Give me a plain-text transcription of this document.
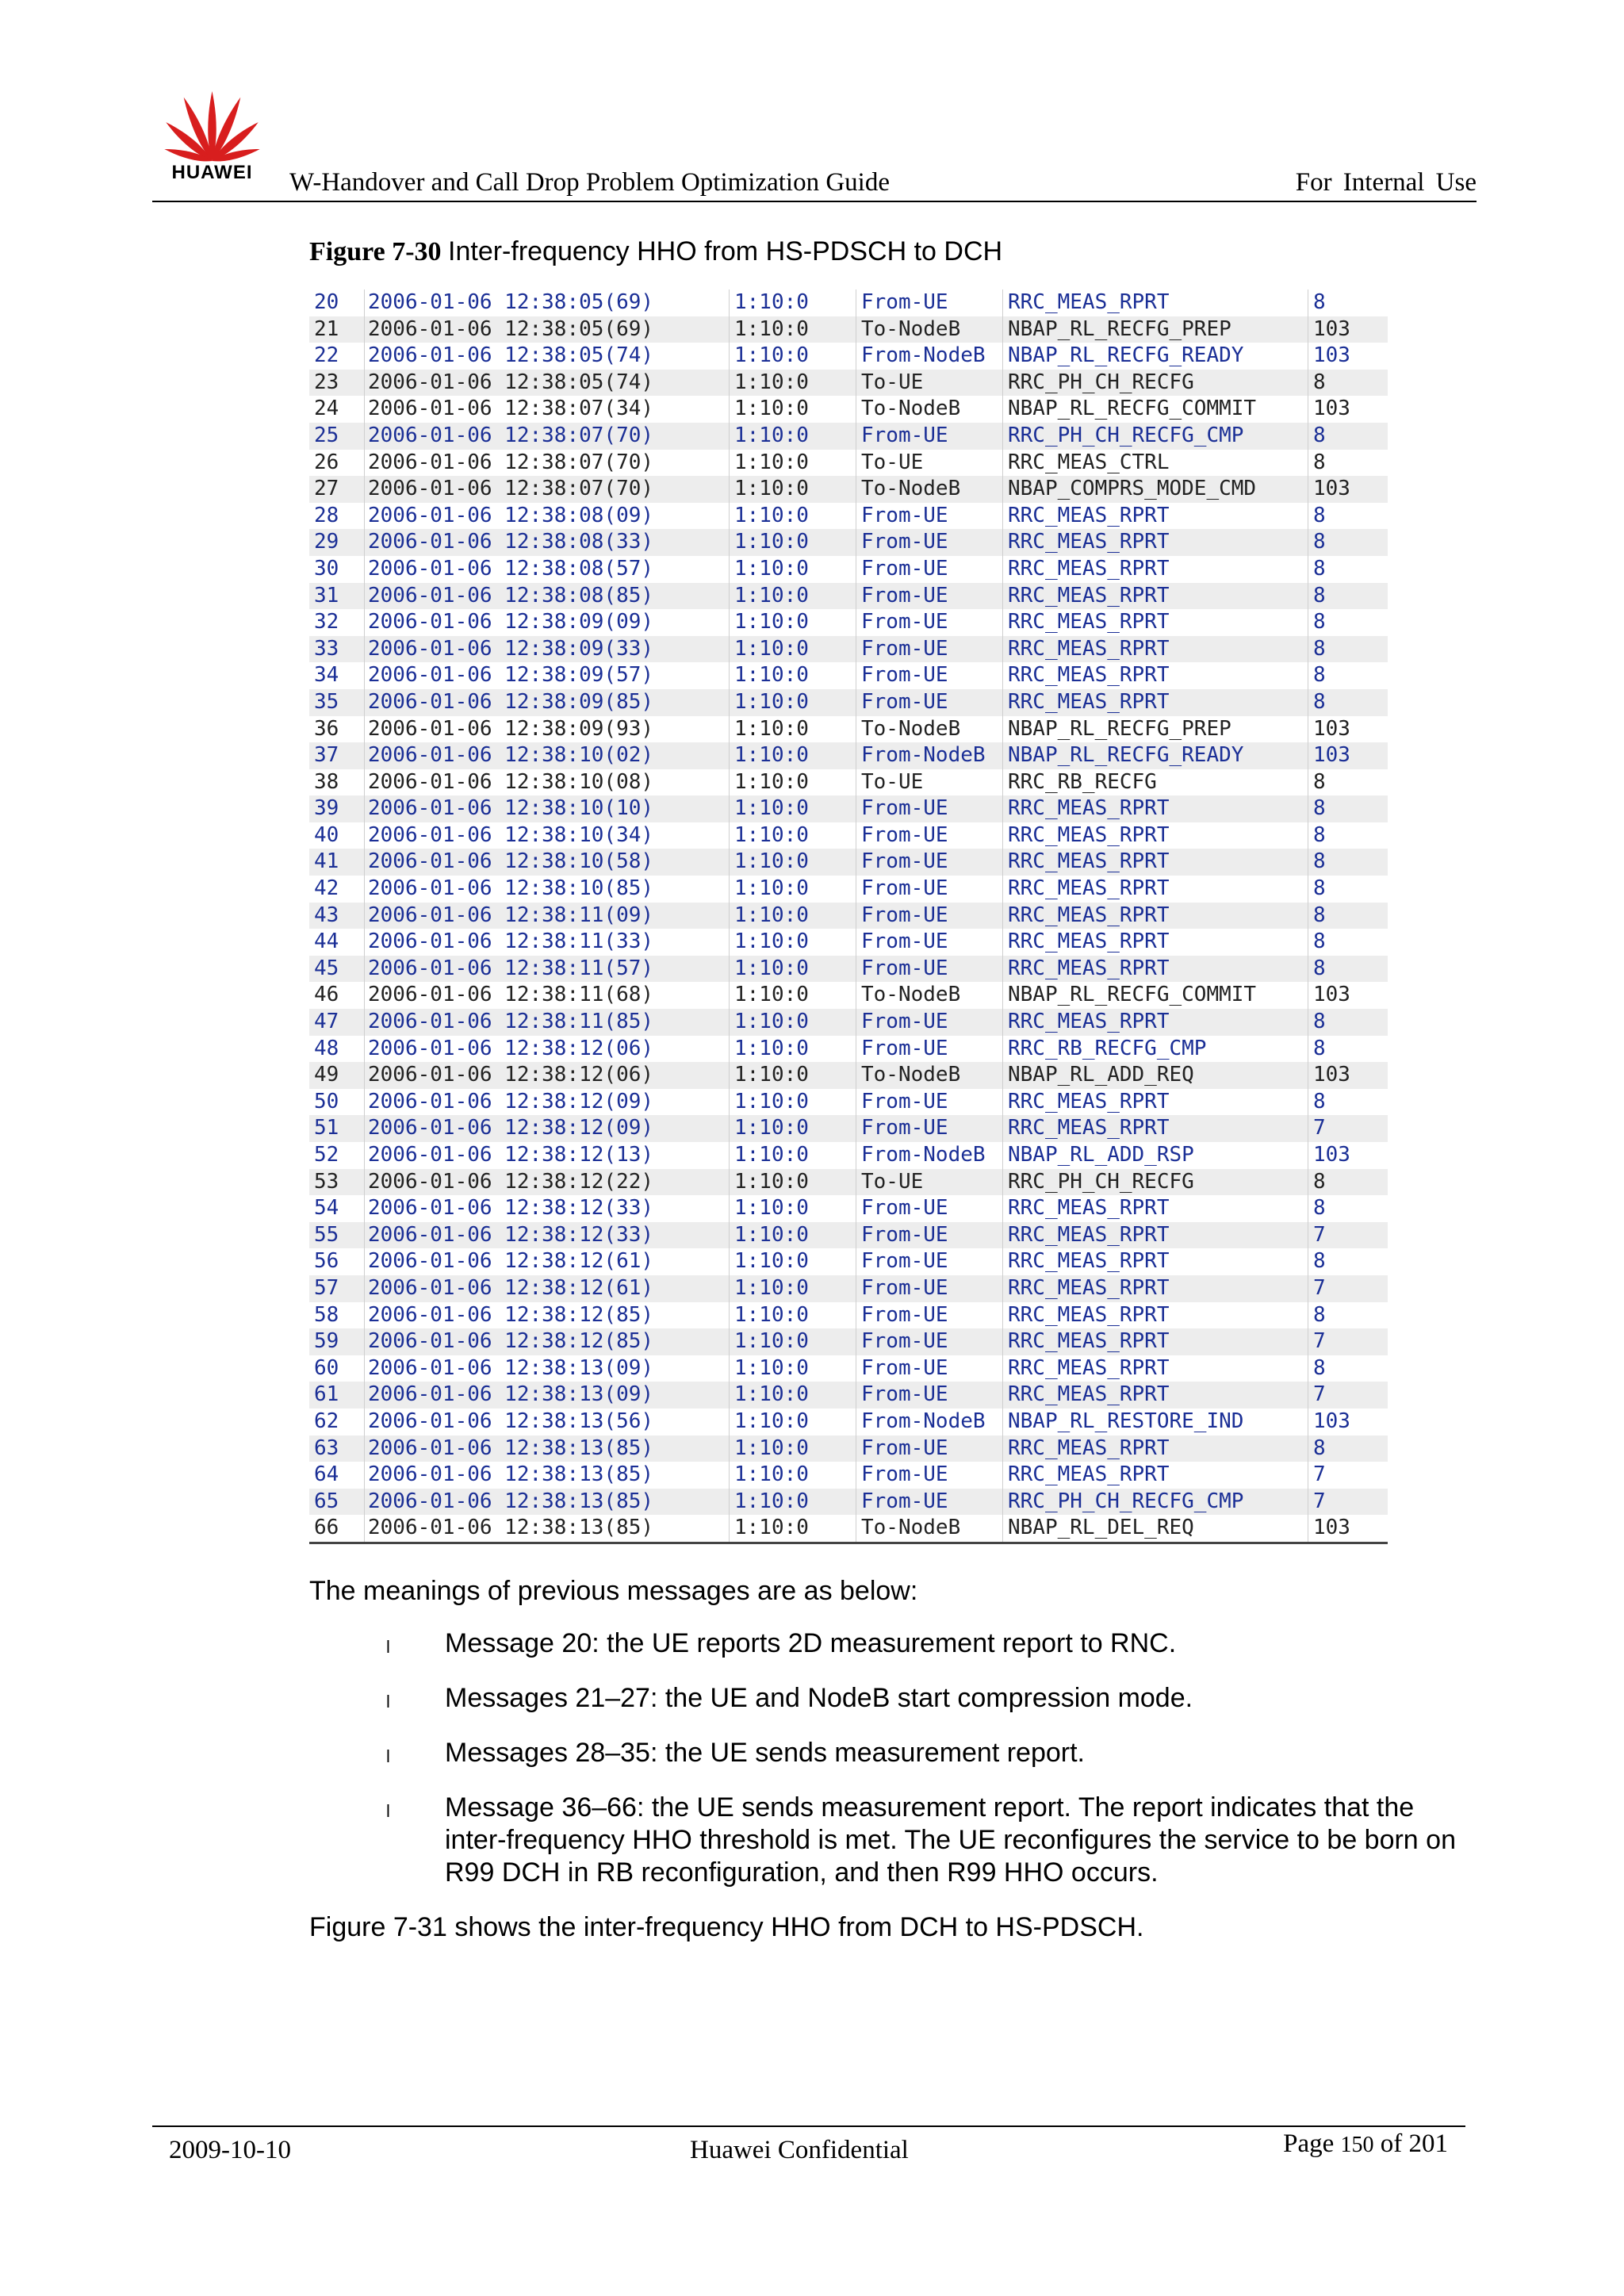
HUAWEI	W-Handover and Call Drop Problem Optimization Guide	For Internal Use
Figure 7-30 Inter-frequency HHO from HS-PDSCH to DCH
20	2006-01-06 12:38:05(69)	1:10:0	From-UE	RRC_MEAS_RPRT	8
21	2006-01-06 12:38:05(69)	1:10:0	To-NodeB	NBAP_RL_RECFG_PREP	103
22	2006-01-06 12:38:05(74)	1:10:0	From-NodeB	NBAP_RL_RECFG_READY	103
23	2006-01-06 12:38:05(74)	1:10:0	To-UE	RRC_PH_CH_RECFG	8
24	2006-01-06 12:38:07(34)	1:10:0	To-NodeB	NBAP_RL_RECFG_COMMIT	103
25	2006-01-06 12:38:07(70)	1:10:0	From-UE	RRC_PH_CH_RECFG_CMP	8
26	2006-01-06 12:38:07(70)	1:10:0	To-UE	RRC_MEAS_CTRL	8
27	2006-01-06 12:38:07(70)	1:10:0	To-NodeB	NBAP_COMPRS_MODE_CMD	103
28	2006-01-06 12:38:08(09)	1:10:0	From-UE	RRC_MEAS_RPRT	8
29	2006-01-06 12:38:08(33)	1:10:0	From-UE	RRC_MEAS_RPRT	8
30	2006-01-06 12:38:08(57)	1:10:0	From-UE	RRC_MEAS_RPRT	8
31	2006-01-06 12:38:08(85)	1:10:0	From-UE	RRC_MEAS_RPRT	8
32	2006-01-06 12:38:09(09)	1:10:0	From-UE	RRC_MEAS_RPRT	8
33	2006-01-06 12:38:09(33)	1:10:0	From-UE	RRC_MEAS_RPRT	8
34	2006-01-06 12:38:09(57)	1:10:0	From-UE	RRC_MEAS_RPRT	8
35	2006-01-06 12:38:09(85)	1:10:0	From-UE	RRC_MEAS_RPRT	8
36	2006-01-06 12:38:09(93)	1:10:0	To-NodeB	NBAP_RL_RECFG_PREP	103
37	2006-01-06 12:38:10(02)	1:10:0	From-NodeB	NBAP_RL_RECFG_READY	103
38	2006-01-06 12:38:10(08)	1:10:0	To-UE	RRC_RB_RECFG	8
39	2006-01-06 12:38:10(10)	1:10:0	From-UE	RRC_MEAS_RPRT	8
40	2006-01-06 12:38:10(34)	1:10:0	From-UE	RRC_MEAS_RPRT	8
41	2006-01-06 12:38:10(58)	1:10:0	From-UE	RRC_MEAS_RPRT	8
42	2006-01-06 12:38:10(85)	1:10:0	From-UE	RRC_MEAS_RPRT	8
43	2006-01-06 12:38:11(09)	1:10:0	From-UE	RRC_MEAS_RPRT	8
44	2006-01-06 12:38:11(33)	1:10:0	From-UE	RRC_MEAS_RPRT	8
45	2006-01-06 12:38:11(57)	1:10:0	From-UE	RRC_MEAS_RPRT	8
46	2006-01-06 12:38:11(68)	1:10:0	To-NodeB	NBAP_RL_RECFG_COMMIT	103
47	2006-01-06 12:38:11(85)	1:10:0	From-UE	RRC_MEAS_RPRT	8
48	2006-01-06 12:38:12(06)	1:10:0	From-UE	RRC_RB_RECFG_CMP	8
49	2006-01-06 12:38:12(06)	1:10:0	To-NodeB	NBAP_RL_ADD_REQ	103
50	2006-01-06 12:38:12(09)	1:10:0	From-UE	RRC_MEAS_RPRT	8
51	2006-01-06 12:38:12(09)	1:10:0	From-UE	RRC_MEAS_RPRT	7
52	2006-01-06 12:38:12(13)	1:10:0	From-NodeB	NBAP_RL_ADD_RSP	103
53	2006-01-06 12:38:12(22)	1:10:0	To-UE	RRC_PH_CH_RECFG	8
54	2006-01-06 12:38:12(33)	1:10:0	From-UE	RRC_MEAS_RPRT	8
55	2006-01-06 12:38:12(33)	1:10:0	From-UE	RRC_MEAS_RPRT	7
56	2006-01-06 12:38:12(61)	1:10:0	From-UE	RRC_MEAS_RPRT	8
57	2006-01-06 12:38:12(61)	1:10:0	From-UE	RRC_MEAS_RPRT	7
58	2006-01-06 12:38:12(85)	1:10:0	From-UE	RRC_MEAS_RPRT	8
59	2006-01-06 12:38:12(85)	1:10:0	From-UE	RRC_MEAS_RPRT	7
60	2006-01-06 12:38:13(09)	1:10:0	From-UE	RRC_MEAS_RPRT	8
61	2006-01-06 12:38:13(09)	1:10:0	From-UE	RRC_MEAS_RPRT	7
62	2006-01-06 12:38:13(56)	1:10:0	From-NodeB	NBAP_RL_RESTORE_IND	103
63	2006-01-06 12:38:13(85)	1:10:0	From-UE	RRC_MEAS_RPRT	8
64	2006-01-06 12:38:13(85)	1:10:0	From-UE	RRC_MEAS_RPRT	7
65	2006-01-06 12:38:13(85)	1:10:0	From-UE	RRC_PH_CH_RECFG_CMP	7
66	2006-01-06 12:38:13(85)	1:10:0	To-NodeB	NBAP_RL_DEL_REQ	103
The meanings of previous messages are as below:
l Message 20: the UE reports 2D measurement report to RNC.
l Messages 21–27: the UE and NodeB start compression mode.
l Messages 28–35: the UE sends measurement report.
l Message 36–66: the UE sends measurement report. The report indicates that the inter-frequency HHO threshold is met. The UE reconfigures the service to be born on R99 DCH in RB reconfiguration, and then R99 HHO occurs.
Figure 7-31 shows the inter-frequency HHO from DCH to HS-PDSCH.
2009-10-10	Huawei Confidential	Page 150 of 201
